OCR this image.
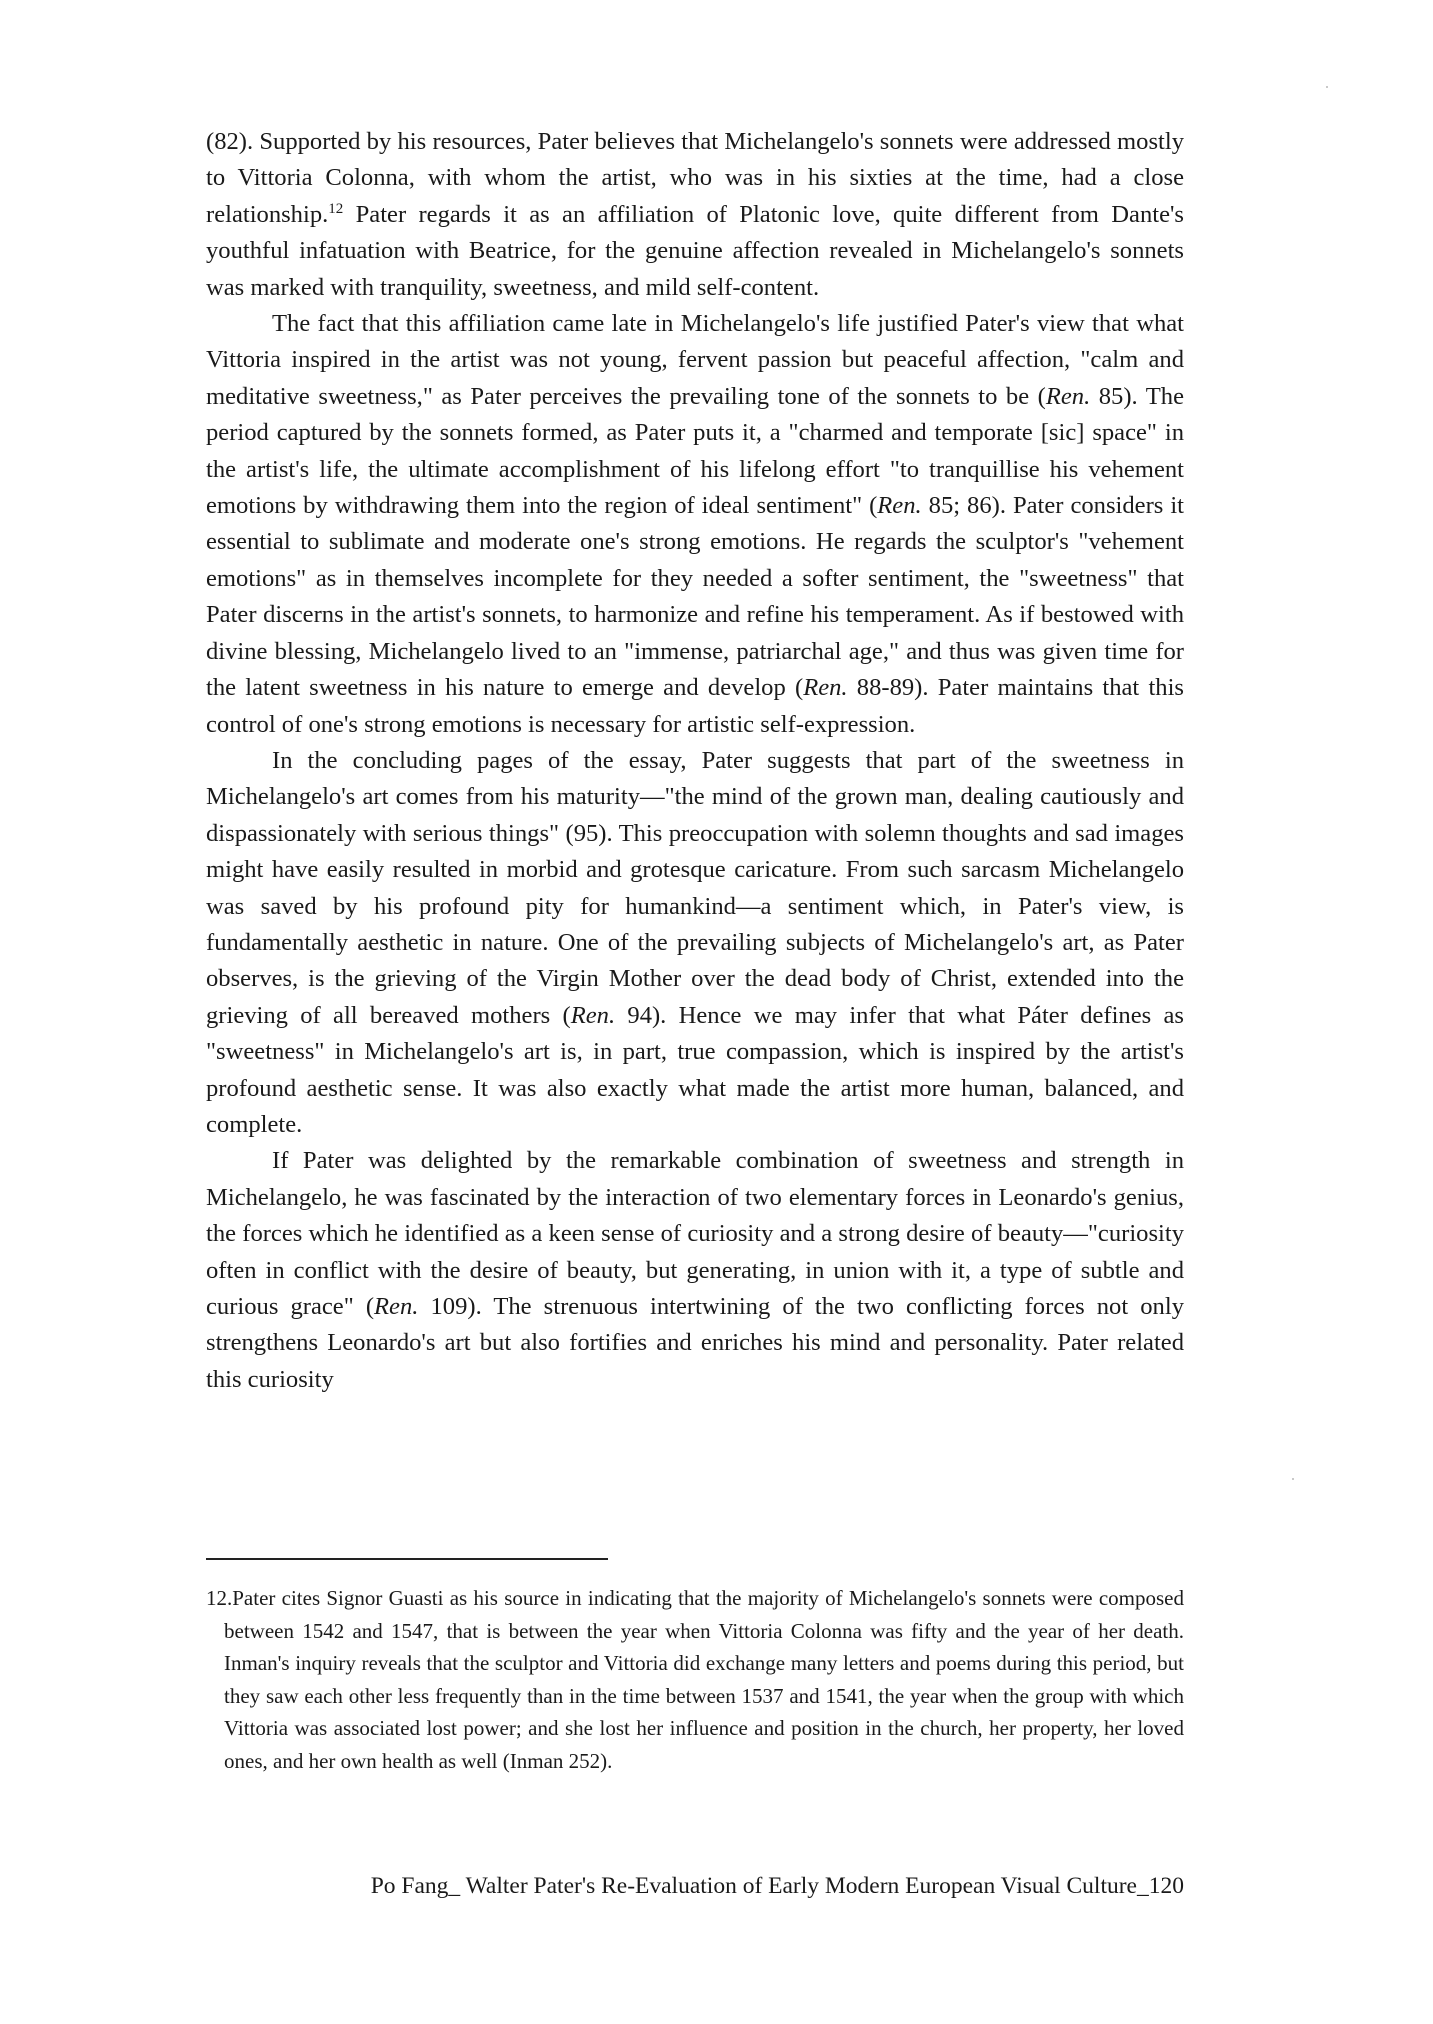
(82). Supported by his resources, Pater believes that Michelangelo's sonnets were addressed mostly to Vittoria Colonna, with whom the artist, who was in his sixties at the time, had a close relationship.$^{12}$ Pater regards it as an affiliation of Platonic love, quite different from Dante's youthful infatuation with Beatrice, for the genuine affection revealed in Michelangelo's sonnets was marked with tranquility, sweetness, and mild self-content.

The fact that this affiliation came late in Michelangelo's life justified Pater's view that what Vittoria inspired in the artist was not young, fervent passion but peaceful affection, "calm and meditative sweetness," as Pater perceives the prevailing tone of the sonnets to be (Ren. 85). The period captured by the sonnets formed, as Pater puts it, a "charmed and temporate [sic] space" in the artist's life, the ultimate accomplishment of his lifelong effort "to tranquillise his vehement emotions by withdrawing them into the region of ideal sentiment" (Ren. 85; 86). Pater considers it essential to sublimate and moderate one's strong emotions. He regards the sculptor's "vehement emotions" as in themselves incomplete for they needed a softer sentiment, the "sweetness" that Pater discerns in the artist's sonnets, to harmonize and refine his temperament. As if bestowed with divine blessing, Michelangelo lived to an "immense, patriarchal age," and thus was given time for the latent sweetness in his nature to emerge and develop (Ren. 88-89). Pater maintains that this control of one's strong emotions is necessary for artistic self-expression.

In the concluding pages of the essay, Pater suggests that part of the sweetness in Michelangelo's art comes from his maturity—"the mind of the grown man, dealing cautiously and dispassionately with serious things" (95). This preoccupation with solemn thoughts and sad images might have easily resulted in morbid and grotesque caricature. From such sarcasm Michelangelo was saved by his profound pity for humankind—a sentiment which, in Pater's view, is fundamentally aesthetic in nature. One of the prevailing subjects of Michelangelo's art, as Pater observes, is the grieving of the Virgin Mother over the dead body of Christ, extended into the grieving of all bereaved mothers (Ren. 94). Hence we may infer that what Páter defines as "sweetness" in Michelangelo's art is, in part, true compassion, which is inspired by the artist's profound aesthetic sense. It was also exactly what made the artist more human, balanced, and complete.

If Pater was delighted by the remarkable combination of sweetness and strength in Michelangelo, he was fascinated by the interaction of two elementary forces in Leonardo's genius, the forces which he identified as a keen sense of curiosity and a strong desire of beauty—"curiosity often in conflict with the desire of beauty, but generating, in union with it, a type of subtle and curious grace" (Ren. 109). The strenuous intertwining of the two conflicting forces not only strengthens Leonardo's art but also fortifies and enriches his mind and personality. Pater related this curiosity

12.Pater cites Signor Guasti as his source in indicating that the majority of Michelangelo's sonnets were composed between 1542 and 1547, that is between the year when Vittoria Colonna was fifty and the year of her death. Inman's inquiry reveals that the sculptor and Vittoria did exchange many letters and poems during this period, but they saw each other less frequently than in the time between 1537 and 1541, the year when the group with which Vittoria was associated lost power; and she lost her influence and position in the church, her property, her loved ones, and her own health as well (Inman 252).
Po Fang_ Walter Pater's Re-Evaluation of Early Modern European Visual Culture_120
